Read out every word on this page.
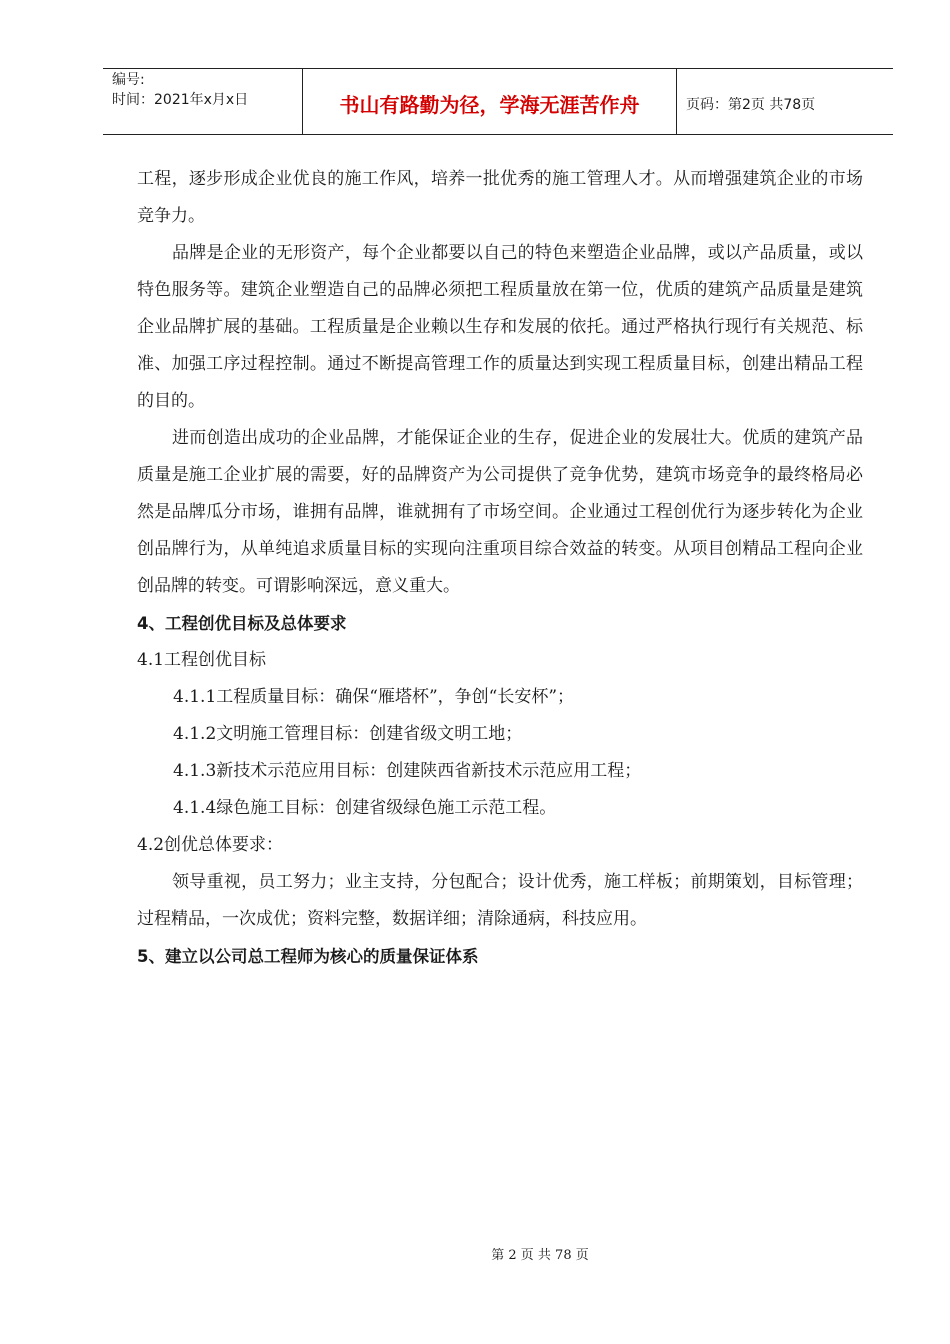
编号:
时间：2021年x月x日	书山有路勤为径，学海无涯苦作舟	页码：第2页 共78页

工程，逐步形成企业优良的施工作风，培养一批优秀的施工管理人才。从而增强建筑企业的市场竞争力。

品牌是企业的无形资产，每个企业都要以自己的特色来塑造企业品牌，或以产品质量，或以特色服务等。建筑企业塑造自己的品牌必须把工程质量放在第一位，优质的建筑产品质量是建筑企业品牌扩展的基础。工程质量是企业赖以生存和发展的依托。通过严格执行现行有关规范、标准、加强工序过程控制。通过不断提高管理工作的质量达到实现工程质量目标，创建出精品工程的目的。

进而创造出成功的企业品牌，才能保证企业的生存，促进企业的发展壮大。优质的建筑产品质量是施工企业扩展的需要，好的品牌资产为公司提供了竞争优势，建筑市场竞争的最终格局必然是品牌瓜分市场，谁拥有品牌，谁就拥有了市场空间。企业通过工程创优行为逐步转化为企业创品牌行为，从单纯追求质量目标的实现向注重项目综合效益的转变。从项目创精品工程向企业创品牌的转变。可谓影响深远，意义重大。

4、工程创优目标及总体要求

4.1工程创优目标

4.1.1工程质量目标：确保“雁塔杯”，争创“长安杯”；

4.1.2文明施工管理目标：创建省级文明工地；

4.1.3新技术示范应用目标：创建陕西省新技术示范应用工程；

4.1.4绿色施工目标：创建省级绿色施工示范工程。

4.2创优总体要求：

领导重视，员工努力；业主支持，分包配合；设计优秀，施工样板；前期策划，目标管理；过程精品，一次成优；资料完整，数据详细；清除通病，科技应用。

5、建立以公司总工程师为核心的质量保证体系

第 2 页 共 78 页
